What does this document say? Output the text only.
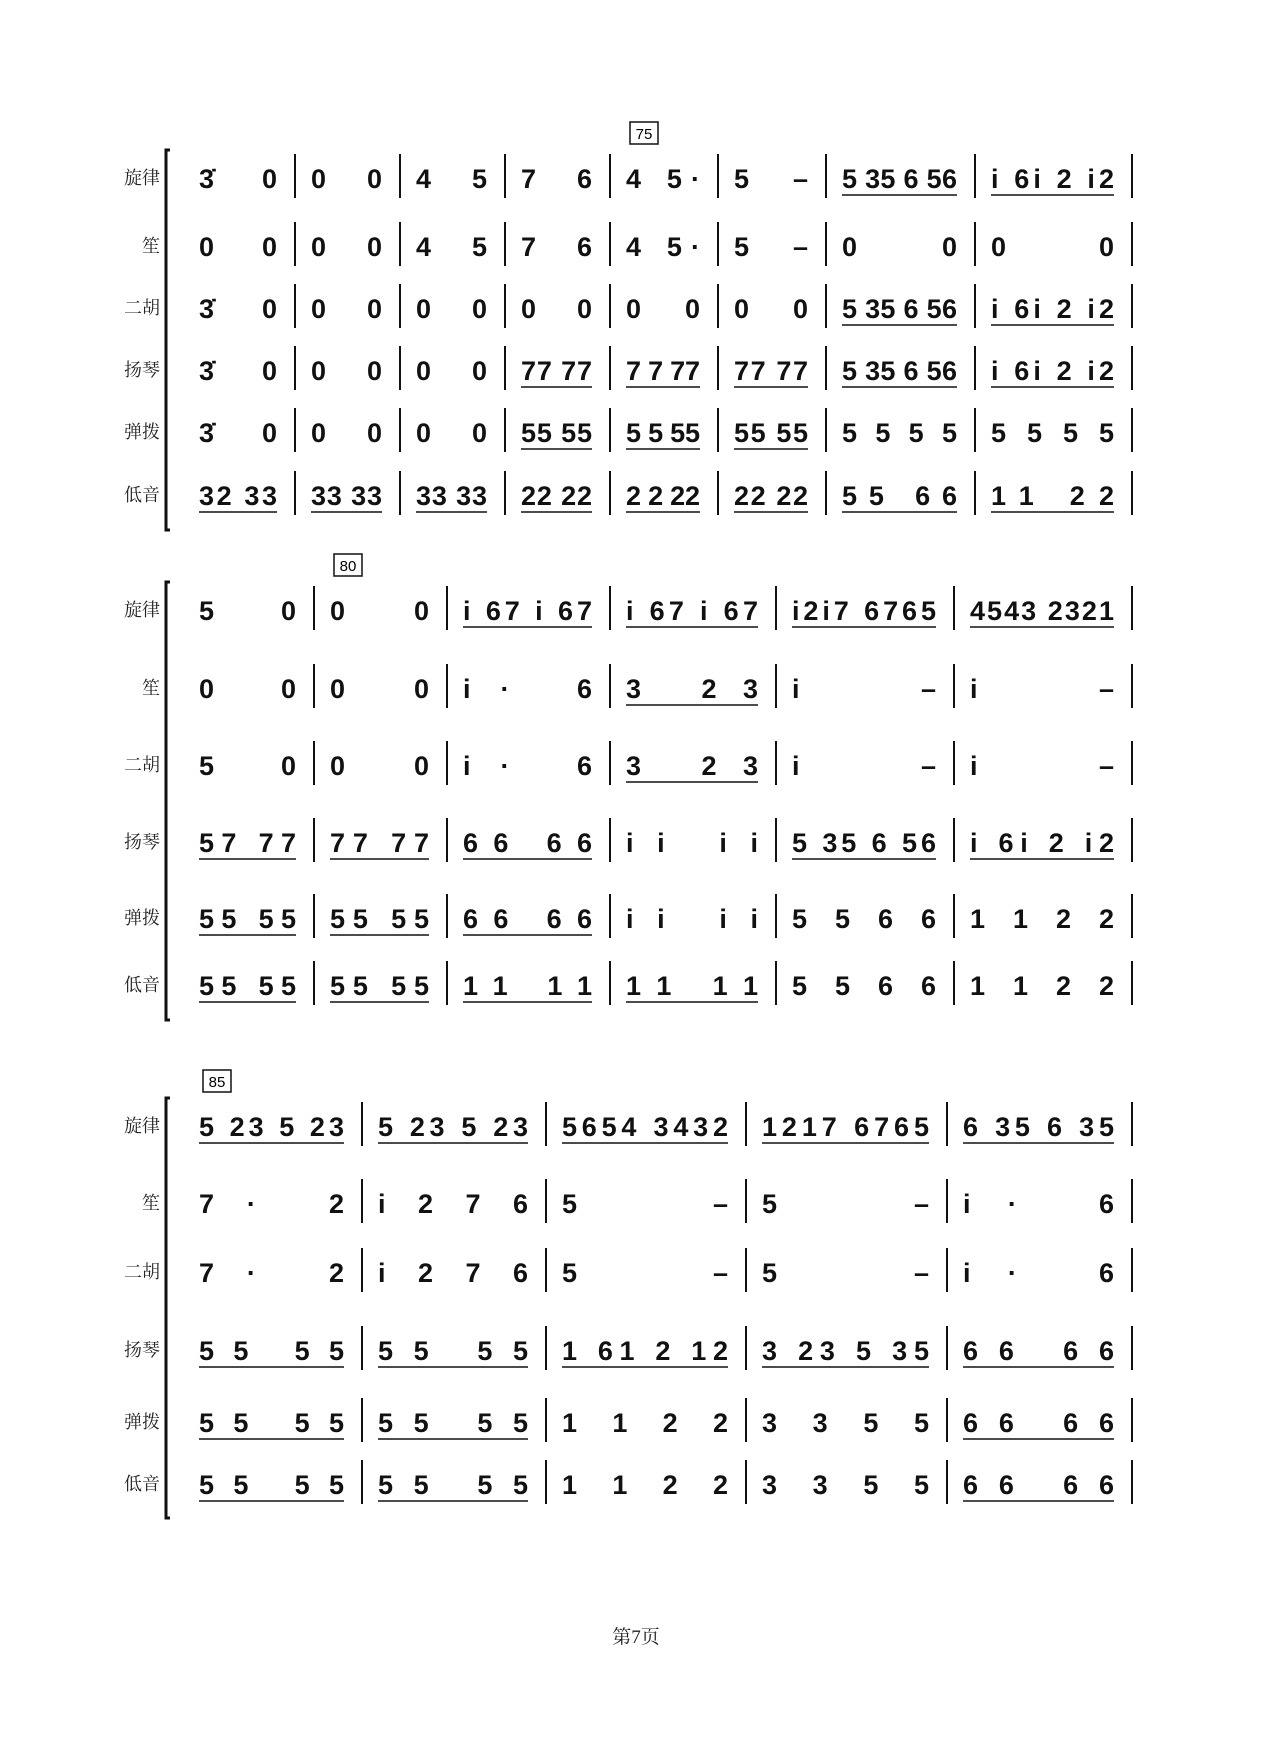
75
旋律 3̇ 0 0 0 4 5 7 6 4 5· 5 – 5 35 6 56 i 6i 2 i2
笙 0 0 0 0 4 5 7 6 4 5· 5 – 0 0 0 0
二胡 3̇ 0 0 0 0 0 0 0 0 0 0 0 5 35 6 56 i 6i 2 i2
扬琴 3̇ 0 0 0 0 0 77 77 7 7 77 77 77 5 35 6 56 i 6i 2 i2
弹拨 3̇ 0 0 0 0 0 55 55 5 5 55 55 55 5 5 5 5 5 5 5 5
低音 32 33 33 33 33 33 22 22 2 2 22 22 22 55 66 11 22
80
旋律 5 0 0 0 i 67 i 67 i 67 i 67 i2i7 6765 4543 2321
笙 0 0 0 0 i· 6 3 23 i – i –
二胡 5 0 0 0 i· 6 3 23 i – i –
扬琴 57 77 77 77 66 66 ii ii 5 35 6 56 i 6i 2 i2
弹拨 55 55 55 55 66 66 ii ii 5 5 6 6 1 1 2 2
低音 55 55 55 55 11 11 11 11 5 5 6 6 1 1 2 2
85
旋律 5 23 5 23 5 23 5 23 5654 3432 1217 6765 6 35 6 35
笙 7· 2 i 2 7 6 5 – 5 – i· 6
二胡 7· 2 i 2 7 6 5 – 5 – i· 6
扬琴 55 55 55 55 1 61 2 12 3 23 5 35 66 66
弹拨 55 55 55 55 1 1 2 2 3 3 5 5 66 66
低音 55 55 55 55 1 1 2 2 3 3 5 5 66 66
第7页
